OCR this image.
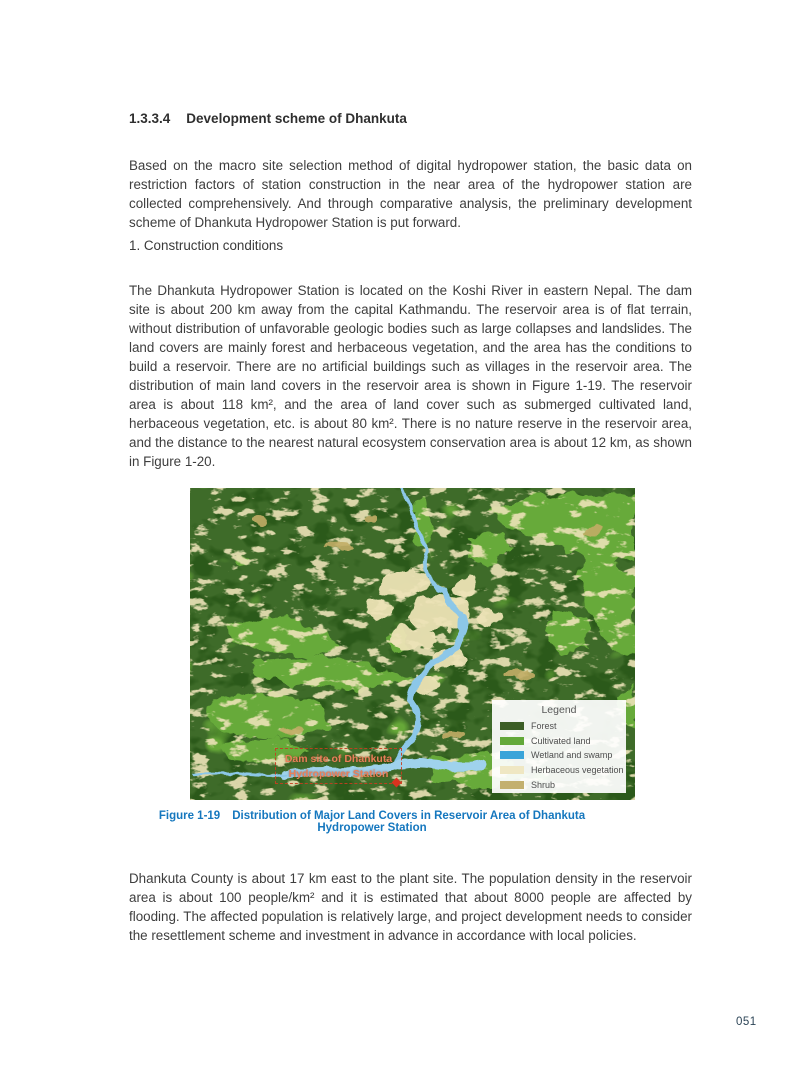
1.3.3.4 Development scheme of Dhankuta

Based on the macro site selection method of digital hydropower station, the basic data on restriction factors of station construction in the near area of the hydropower station are collected comprehensively. And through comparative analysis, the preliminary development scheme of Dhankuta Hydropower Station is put forward.

1. Construction conditions

The Dhankuta Hydropower Station is located on the Koshi River in eastern Nepal. The dam site is about 200 km away from the capital Kathmandu. The reservoir area is of flat terrain, without distribution of unfavorable geologic bodies such as large collapses and landslides. The land covers are mainly forest and herbaceous vegetation, and the area has the conditions to build a reservoir. There are no artificial buildings such as villages in the reservoir area. The distribution of main land covers in the reservoir area is shown in Figure 1-19. The reservoir area is about 118 km², and the area of land cover such as submerged cultivated land, herbaceous vegetation, etc. is about 80 km². There is no nature reserve in the reservoir area, and the distance to the nearest natural ecosystem conservation area is about 12 km, as shown in Figure 1-20.

Legend
Forest
Cultivated land
Wetland and swamp
Herbaceous vegetation
Shrub
Dam site of Dhankuta Hydropower Station
Figure 1-19 Distribution of Major Land Covers in Reservoir Area of Dhankuta Hydropower Station

Dhankuta County is about 17 km east to the plant site. The population density in the reservoir area is about 100 people/km² and it is estimated that about 8000 people are affected by flooding. The affected population is relatively large, and project development needs to consider the resettlement scheme and investment in advance in accordance with local policies.

051
